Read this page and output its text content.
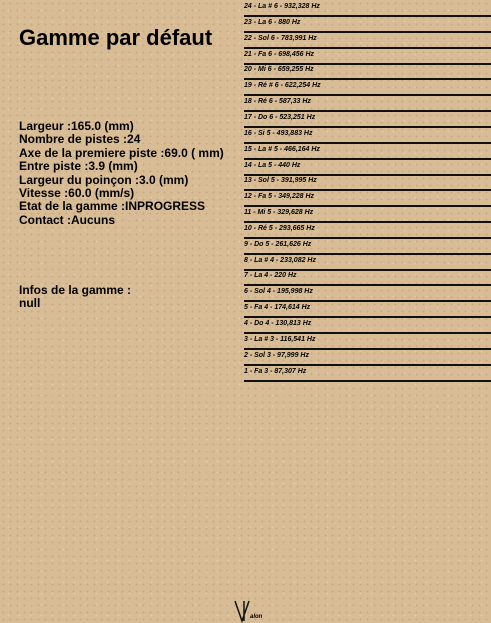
Gamme par défaut
Largeur :165.0 (mm)
Nombre de pistes :24
Axe de la premiere piste :69.0 ( mm)
Entre piste :3.9 (mm)
Largeur du poinçon :3.0 (mm)
Vitesse :60.0 (mm/s)
Etat de la gamme :INPROGRESS
Contact :Aucuns
Infos de la gamme :
null
24 - La # 6 - 932,328 Hz
23 - La 6 - 880 Hz
22 - Sol 6 - 783,991 Hz
21 - Fa 6 - 698,456 Hz
20 - Mi 6 - 659,255 Hz
19 - Ré # 6 - 622,254 Hz
18 - Ré 6 - 587,33 Hz
17 - Do 6 - 523,251 Hz
16 - Si 5 - 493,883 Hz
15 - La # 5 - 466,164 Hz
14 - La 5 - 440 Hz
13 - Sol 5 - 391,995 Hz
12 - Fa 5 - 349,228 Hz
11 - Mi 5 - 329,628 Hz
10 - Ré 5 - 293,665 Hz
9 - Do 5 - 261,626 Hz
8 - La # 4 - 233,082 Hz
7 - La 4 - 220 Hz
6 - Sol 4 - 195,998 Hz
5 - Fa 4 - 174,614 Hz
4 - Do 4 - 130,813 Hz
3 - La # 3 - 116,541 Hz
2 - Sol 3 - 97,999 Hz
1 - Fa 3 - 87,307 Hz
alon
